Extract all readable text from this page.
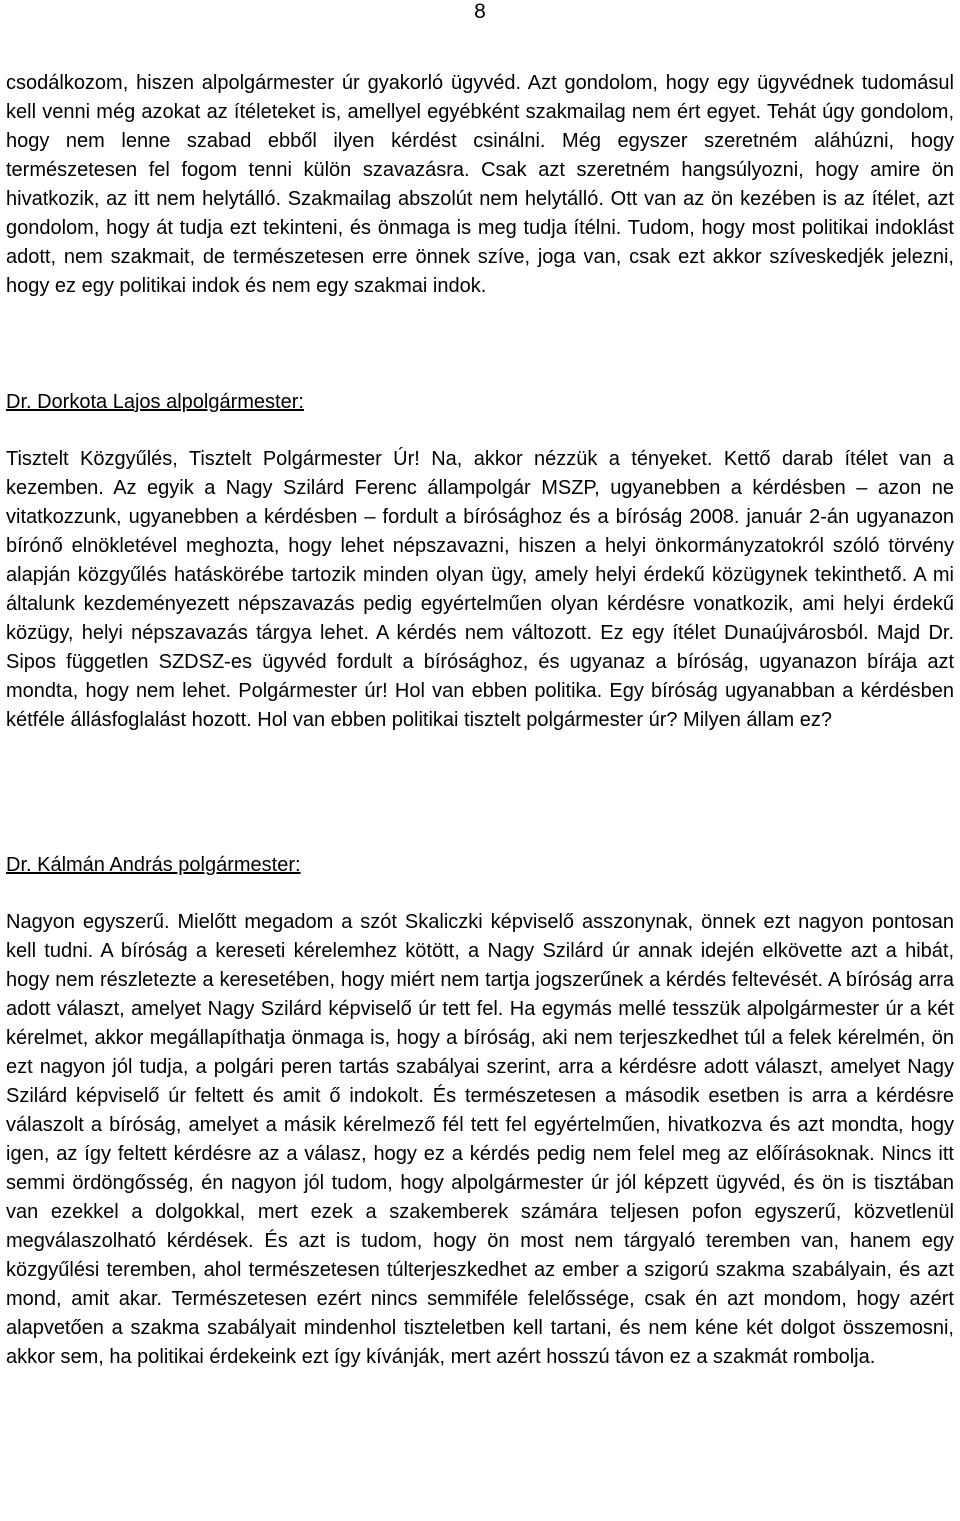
8

csodálkozom, hiszen alpolgármester úr gyakorló ügyvéd. Azt gondolom, hogy egy ügyvédnek tudomásul kell venni még azokat az ítéleteket is, amellyel egyébként szakmailag nem ért egyet. Tehát úgy gondolom, hogy nem lenne szabad ebből ilyen kérdést csinálni. Még egyszer szeretném aláhúzni, hogy természetesen fel fogom tenni külön szavazásra. Csak azt szeretném hangsúlyozni, hogy amire ön hivatkozik, az itt nem helytálló. Szakmailag abszolút nem helytálló. Ott van az ön kezében is az ítélet, azt gondolom, hogy át tudja ezt tekinteni, és önmaga is meg tudja ítélni. Tudom, hogy most politikai indoklást adott, nem szakmait, de természetesen erre önnek szíve, joga van, csak ezt akkor szíveskedjék jelezni, hogy ez egy politikai indok és nem egy szakmai indok.

Dr. Dorkota Lajos alpolgármester:

Tisztelt Közgyűlés, Tisztelt Polgármester Úr! Na, akkor nézzük a tényeket. Kettő darab ítélet van a kezemben. Az egyik a Nagy Szilárd Ferenc állampolgár MSZP, ugyanebben a kérdésben – azon ne vitatkozzunk, ugyanebben a kérdésben – fordult a bírósághoz és a bíróság 2008. január 2-án ugyanazon bírónő elnökletével meghozta, hogy lehet népszavazni, hiszen a helyi önkormányzatokról szóló törvény alapján közgyűlés hatáskörébe tartozik minden olyan ügy, amely helyi érdekű közügynek tekinthető. A mi általunk kezdeményezett népszavazás pedig egyértelműen olyan kérdésre vonatkozik, ami helyi érdekű közügy, helyi népszavazás tárgya lehet. A kérdés nem változott. Ez egy ítélet Dunaújvárosból. Majd Dr. Sipos független SZDSZ-es ügyvéd fordult a bírósághoz, és ugyanaz a bíróság, ugyanazon bírája azt mondta, hogy nem lehet. Polgármester úr! Hol van ebben politika. Egy bíróság ugyanabban a kérdésben kétféle állásfoglalást hozott. Hol van ebben politikai tisztelt polgármester úr? Milyen állam ez?

Dr. Kálmán András polgármester:

Nagyon egyszerű. Mielőtt megadom a szót Skaliczki képviselő asszonynak, önnek ezt nagyon pontosan kell tudni. A bíróság a kereseti kérelemhez kötött, a Nagy Szilárd úr annak idején elkövette azt a hibát, hogy nem részletezte a keresetében, hogy miért nem tartja jogszerűnek a kérdés feltevését. A bíróság arra adott választ, amelyet Nagy Szilárd képviselő úr tett fel. Ha egymás mellé tesszük alpolgármester úr a két kérelmet, akkor megállapíthatja önmaga is, hogy a bíróság, aki nem terjeszkedhet túl a felek kérelmén, ön ezt nagyon jól tudja, a polgári peren tartás szabályai szerint, arra a kérdésre adott választ, amelyet Nagy Szilárd képviselő úr feltett és amit ő indokolt. És természetesen a második esetben is arra a kérdésre válaszolt a bíróság, amelyet a másik kérelmező fél tett fel egyértelműen, hivatkozva és azt mondta, hogy igen, az így feltett kérdésre az a válasz, hogy ez a kérdés pedig nem felel meg az előírásoknak. Nincs itt semmi ördöngősség, én nagyon jól tudom, hogy alpolgármester úr jól képzett ügyvéd, és ön is tisztában van ezekkel a dolgokkal, mert ezek a szakemberek számára teljesen pofon egyszerű, közvetlenül megválaszolható kérdések. És azt is tudom, hogy ön most nem tárgyaló teremben van, hanem egy közgyűlési teremben, ahol természetesen túlterjeszkedhet az ember a szigorú szakma szabályain, és azt mond, amit akar. Természetesen ezért nincs semmiféle felelőssége, csak én azt mondom, hogy azért alapvetően a szakma szabályait mindenhol tiszteletben kell tartani, és nem kéne két dolgot összemosni, akkor sem, ha politikai érdekeink ezt így kívánják, mert azért hosszú távon ez a szakmát rombolja.
